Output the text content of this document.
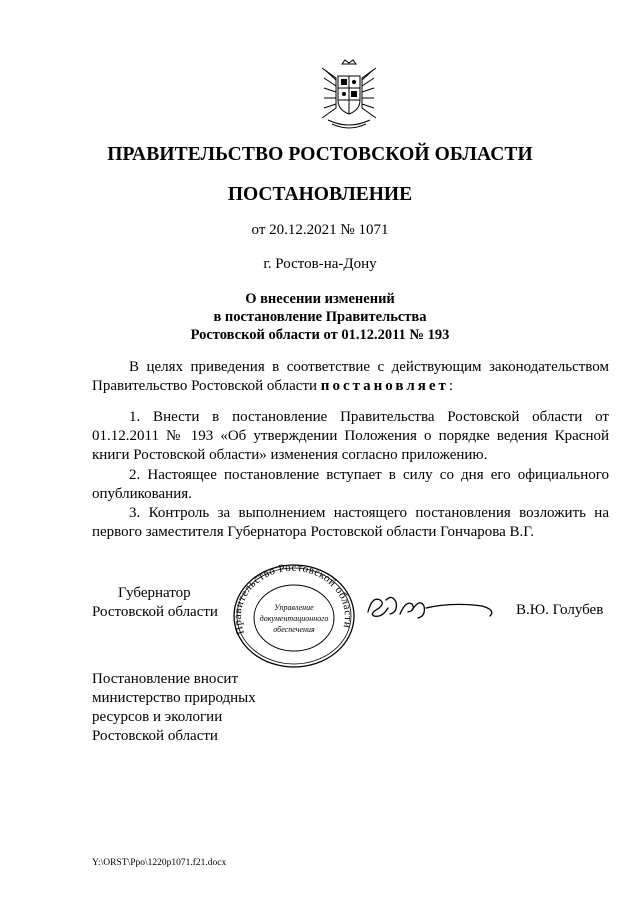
ПРАВИТЕЛЬСТВО РОСТОВСКОЙ ОБЛАСТИ
ПОСТАНОВЛЕНИЕ
от 20.12.2021 № 1071
г. Ростов-на-Дону
О внесении изменений
в постановление Правительства
Ростовской области от 01.12.2011 № 193
В целях приведения в соответствие с действующим законодательством Правительство Ростовской области постановляет:
1. Внести в постановление Правительства Ростовской области от 01.12.2011 № 193 «Об утверждении Положения о порядке ведения Красной книги Ростовской области» изменения согласно приложению.
2. Настоящее постановление вступает в силу со дня его официального опубликования.
3. Контроль за выполнением настоящего постановления возложить на первого заместителя Губернатора Ростовской области Гончарова В.Г.
Губернатор
Ростовской области
Правительство Ростовской области
Управление
документационного
обеспечения
В.Ю. Голубев
Постановление вносит
министерство природных
ресурсов и экологии
Ростовской области
Y:\ORST\Ppo\1220p1071.f21.docx
